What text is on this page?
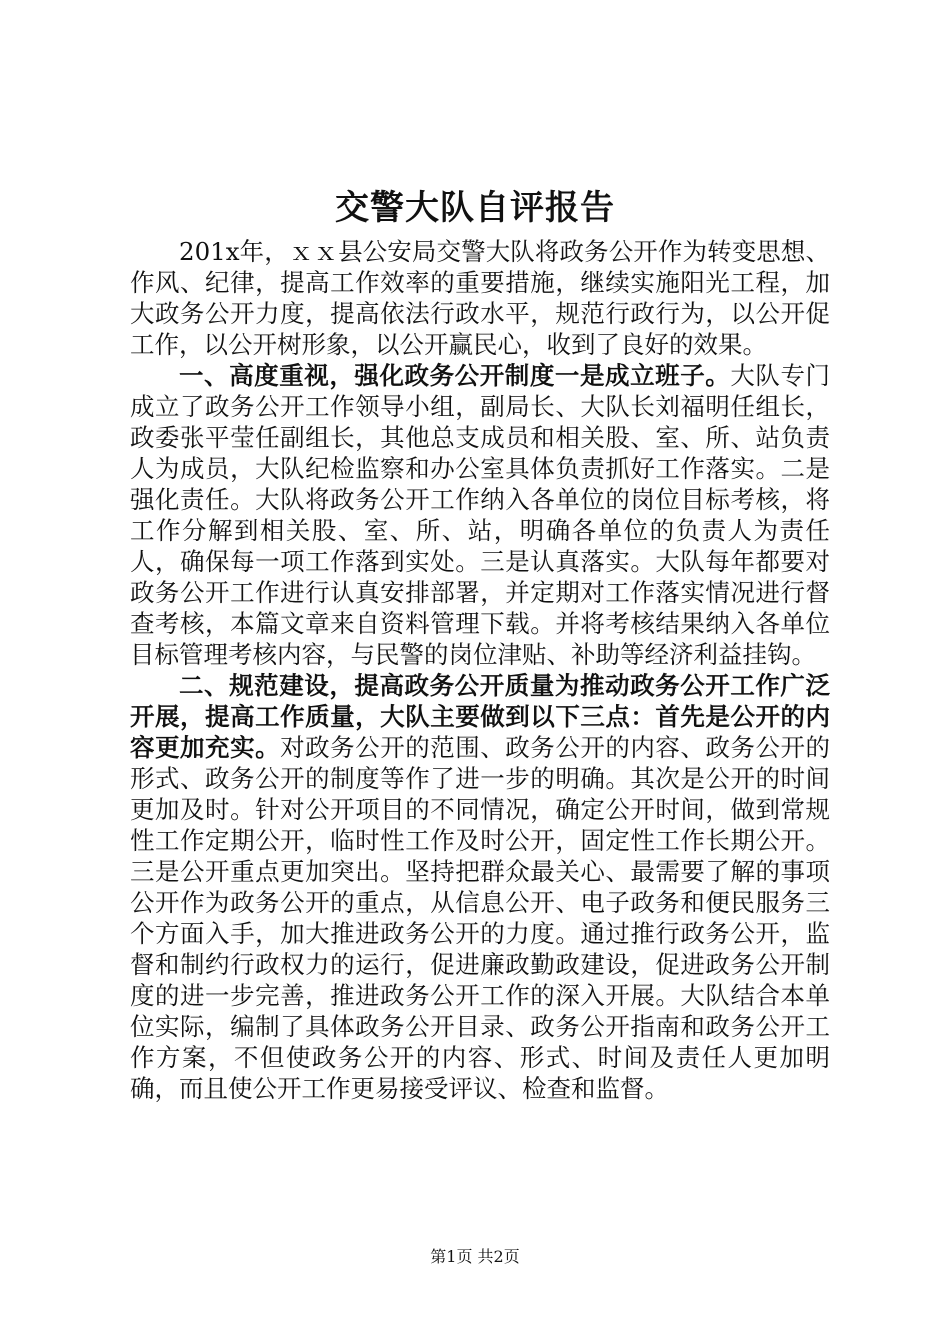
交警大队自评报告

201x年，ｘｘ县公安局交警大队将政务公开作为转变思想、作风、纪律，提高工作效率的重要措施，继续实施阳光工程，加大政务公开力度，提高依法行政水平，规范行政行为，以公开促工作，以公开树形象，以公开赢民心，收到了良好的效果。

一、高度重视，强化政务公开制度一是成立班子。大队专门成立了政务公开工作领导小组，副局长、大队长刘福明任组长，政委张平莹任副组长，其他总支成员和相关股、室、所、站负责人为成员，大队纪检监察和办公室具体负责抓好工作落实。二是强化责任。大队将政务公开工作纳入各单位的岗位目标考核，将工作分解到相关股、室、所、站，明确各单位的负责人为责任人，确保每一项工作落到实处。三是认真落实。大队每年都要对政务公开工作进行认真安排部署，并定期对工作落实情况进行督查考核，本篇文章来自资料管理下载。并将考核结果纳入各单位目标管理考核内容，与民警的岗位津贴、补助等经济利益挂钩。

二、规范建设，提高政务公开质量为推动政务公开工作广泛开展，提高工作质量，大队主要做到以下三点：首先是公开的内容更加充实。对政务公开的范围、政务公开的内容、政务公开的形式、政务公开的制度等作了进一步的明确。其次是公开的时间更加及时。针对公开项目的不同情况，确定公开时间，做到常规性工作定期公开，临时性工作及时公开，固定性工作长期公开。三是公开重点更加突出。坚持把群众最关心、最需要了解的事项公开作为政务公开的重点，从信息公开、电子政务和便民服务三个方面入手，加大推进政务公开的力度。通过推行政务公开，监督和制约行政权力的运行，促进廉政勤政建设，促进政务公开制度的进一步完善，推进政务公开工作的深入开展。大队结合本单位实际，编制了具体政务公开目录、政务公开指南和政务公开工作方案，不但使政务公开的内容、形式、时间及责任人更加明确，而且使公开工作更易接受评议、检查和监督。

第1页 共2页
